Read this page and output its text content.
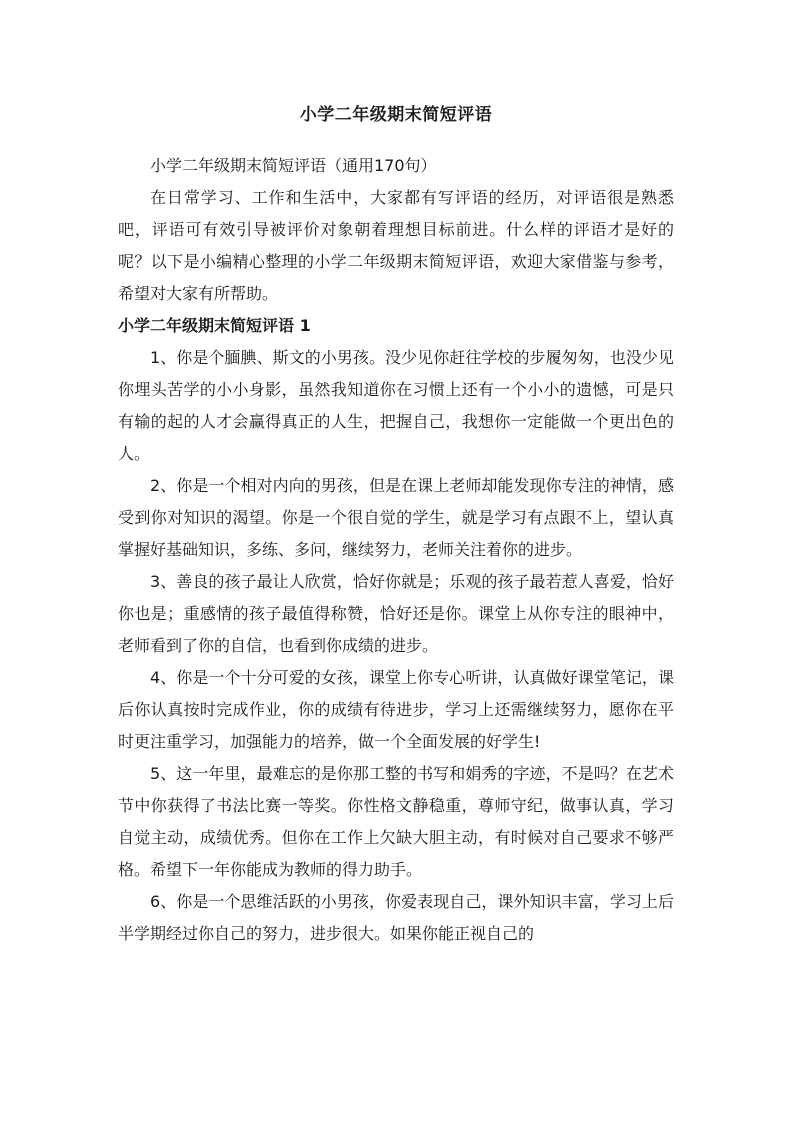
小学二年级期末简短评语

小学二年级期末简短评语（通用170句）

在日常学习、工作和生活中，大家都有写评语的经历，对评语很是熟悉吧，评语可有效引导被评价对象朝着理想目标前进。什么样的评语才是好的呢？以下是小编精心整理的小学二年级期末简短评语，欢迎大家借鉴与参考，希望对大家有所帮助。

小学二年级期末简短评语 1

1、你是个腼腆、斯文的小男孩。没少见你赶往学校的步履匆匆，也没少见你埋头苦学的小小身影，虽然我知道你在习惯上还有一个小小的遗憾，可是只有输的起的人才会赢得真正的人生，把握自己，我想你一定能做一个更出色的人。

2、你是一个相对内向的男孩，但是在课上老师却能发现你专注的神情，感受到你对知识的渴望。你是一个很自觉的学生，就是学习有点跟不上，望认真掌握好基础知识，多练、多问，继续努力，老师关注着你的进步。

3、善良的孩子最让人欣赏，恰好你就是；乐观的孩子最若惹人喜爱，恰好你也是；重感情的孩子最值得称赞，恰好还是你。课堂上从你专注的眼神中，老师看到了你的自信，也看到你成绩的进步。

4、你是一个十分可爱的女孩，课堂上你专心听讲，认真做好课堂笔记，课后你认真按时完成作业，你的成绩有待进步，学习上还需继续努力，愿你在平时更注重学习，加强能力的培养，做一个全面发展的好学生!

5、这一年里，最难忘的是你那工整的书写和娟秀的字迹，不是吗？在艺术节中你获得了书法比赛一等奖。你性格文静稳重，尊师守纪，做事认真，学习自觉主动，成绩优秀。但你在工作上欠缺大胆主动，有时候对自己要求不够严格。希望下一年你能成为教师的得力助手。

6、你是一个思维活跃的小男孩，你爱表现自己，课外知识丰富，学习上后半学期经过你自己的努力，进步很大。如果你能正视自己的
